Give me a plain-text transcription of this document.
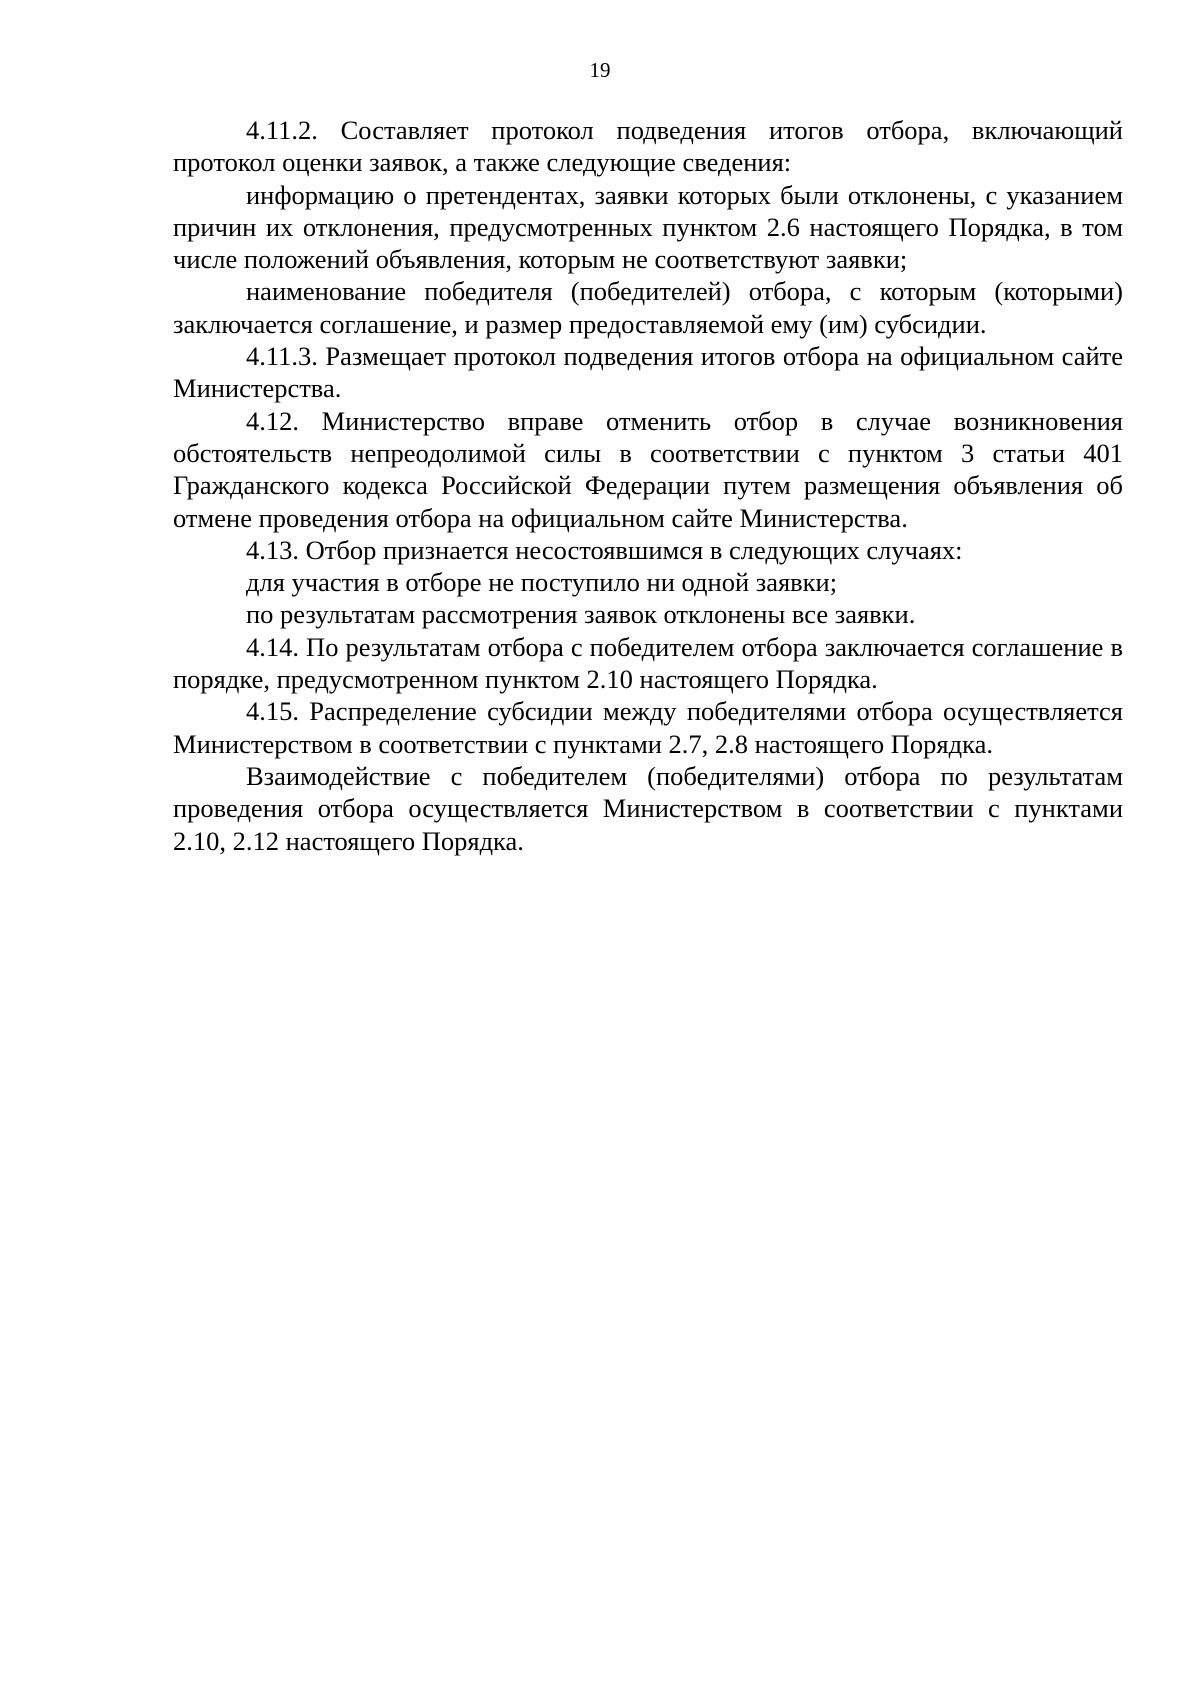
19

4.11.2. Составляет протокол подведения итогов отбора, включающий протокол оценки заявок, а также следующие сведения:

информацию о претендентах, заявки которых были отклонены, с указанием причин их отклонения, предусмотренных пунктом 2.6 настоящего Порядка, в том числе положений объявления, которым не соответствуют заявки;

наименование победителя (победителей) отбора, с которым (которыми) заключается соглашение, и размер предоставляемой ему (им) субсидии.

4.11.3. Размещает протокол подведения итогов отбора на официальном сайте Министерства.

4.12. Министерство вправе отменить отбор в случае возникновения обстоятельств непреодолимой силы в соответствии с пунктом 3 статьи 401 Гражданского кодекса Российской Федерации путем размещения объявления об отмене проведения отбора на официальном сайте Министерства.

4.13. Отбор признается несостоявшимся в следующих случаях:

для участия в отборе не поступило ни одной заявки;

по результатам рассмотрения заявок отклонены все заявки.

4.14. По результатам отбора с победителем отбора заключается соглашение в порядке, предусмотренном пунктом 2.10 настоящего Порядка.

4.15. Распределение субсидии между победителями отбора осуществляется Министерством в соответствии с пунктами 2.7, 2.8 настоящего Порядка.

Взаимодействие с победителем (победителями) отбора по результатам проведения отбора осуществляется Министерством в соответствии с пунктами 2.10, 2.12 настоящего Порядка.
